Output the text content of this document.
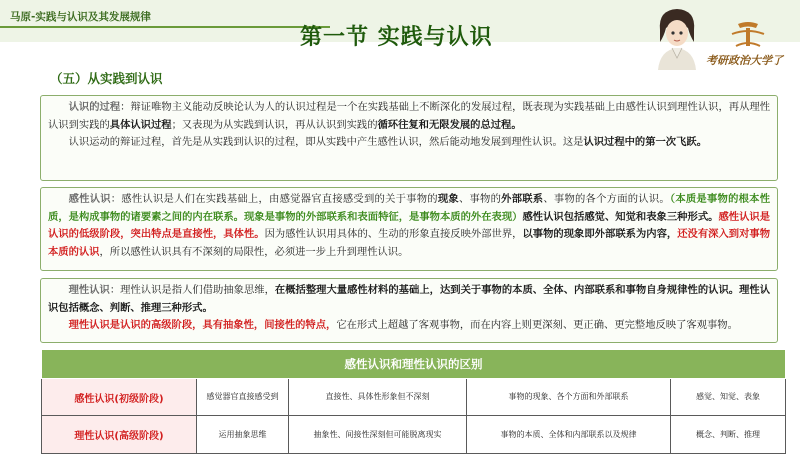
马原-实践与认识及其发展规律
第一节 实践与认识
考研政治大学了
（五）从实践到认识

认识的过程：辩证唯物主义能动反映论认为人的认识过程是一个在实践基础上不断深化的发展过程，既表现为实践基础上由感性认识到理性认识，再从理性认识到实践的具体认识过程；又表现为从实践到认识，再从认识到实践的循环往复和无限发展的总过程。

认识运动的辩证过程，首先是从实践到认识的过程，即从实践中产生感性认识，然后能动地发展到理性认识。这是认识过程中的第一次飞跃。

感性认识：感性认识是人们在实践基础上，由感觉器官直接感受到的关于事物的现象、事物的外部联系、事物的各个方面的认识。（本质是事物的根本性质，是构成事物的诸要素之间的内在联系。现象是事物的外部联系和表面特征，是事物本质的外在表现）感性认识包括感觉、知觉和表象三种形式。感性认识是认识的低级阶段，突出特点是直接性，具体性。因为感性认识用具体的、生动的形象直接反映外部世界，以事物的现象即外部联系为内容，还没有深入到对事物本质的认识，所以感性认识具有不深刻的局限性，必须进一步上升到理性认识。

理性认识：理性认识是指人们借助抽象思维，在概括整理大量感性材料的基础上，达到关于事物的本质、全体、内部联系和事物自身规律性的认识。理性认识包括概念、判断、推理三种形式。

理性认识是认识的高级阶段，具有抽象性，间接性的特点，它在形式上超越了客观事物，而在内容上则更深刻、更正确、更完整地反映了客观事物。

感性认识和理性认识的区别				
感性认识(初级阶段)	感觉器官直接感受到	直接性、具体性形象但不深刻	事物的现象、各个方面和外部联系	感觉、知觉、表象
理性认识(高级阶段)	运用抽象思维	抽象性、间接性深刻但可能脱离现实	事物的本质、全体和内部联系以及规律	概念、判断、推理
